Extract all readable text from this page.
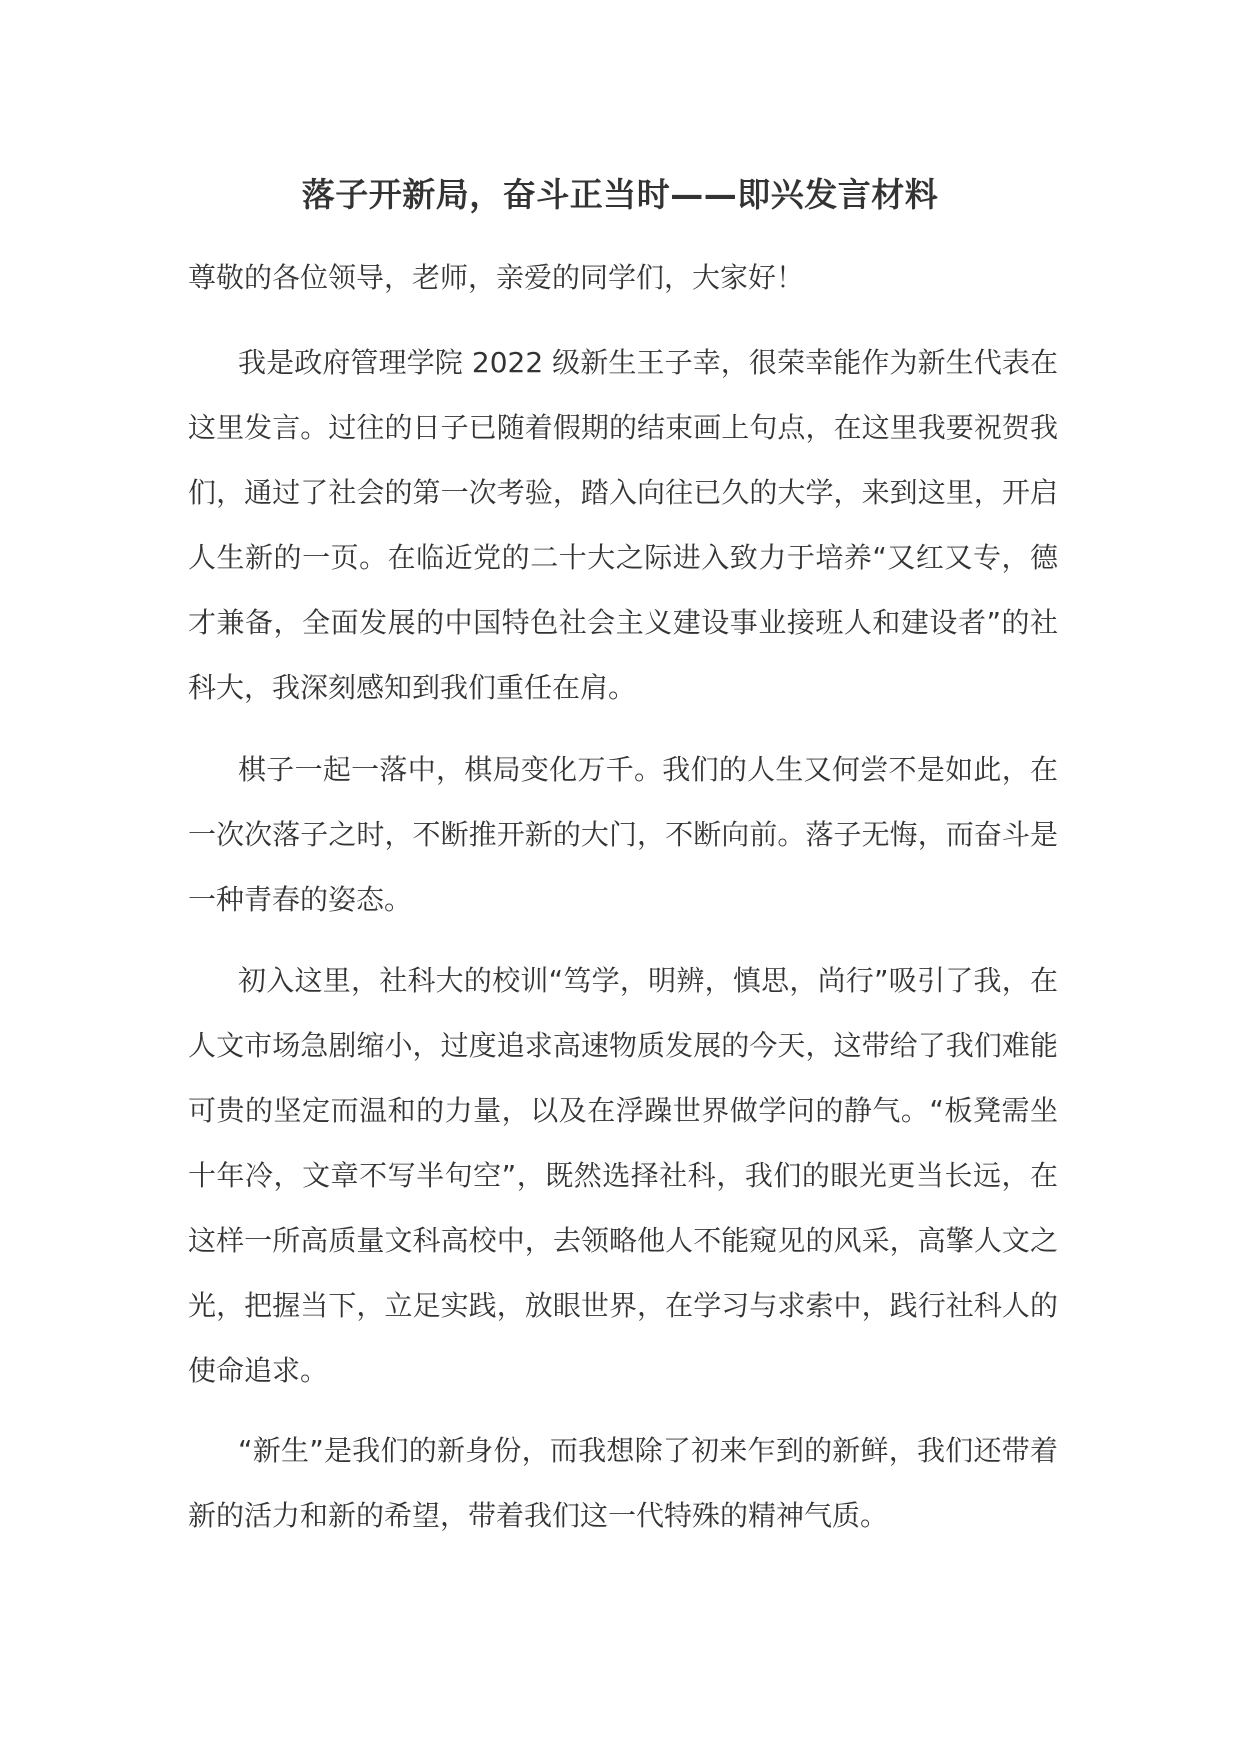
落子开新局，奋斗正当时——即兴发言材料

尊敬的各位领导，老师，亲爱的同学们，大家好！

我是政府管理学院 2022 级新生王子幸，很荣幸能作为新生代表在这里发言。过往的日子已随着假期的结束画上句点，在这里我要祝贺我们，通过了社会的第一次考验，踏入向往已久的大学，来到这里，开启人生新的一页。在临近党的二十大之际进入致力于培养“又红又专，德才兼备，全面发展的中国特色社会主义建设事业接班人和建设者”的社科大，我深刻感知到我们重任在肩。

棋子一起一落中，棋局变化万千。我们的人生又何尝不是如此，在一次次落子之时，不断推开新的大门，不断向前。落子无悔，而奋斗是一种青春的姿态。

初入这里，社科大的校训“笃学，明辨，慎思，尚行”吸引了我，在人文市场急剧缩小，过度追求高速物质发展的今天，这带给了我们难能可贵的坚定而温和的力量，以及在浮躁世界做学问的静气。“板凳需坐十年冷，文章不写半句空”，既然选择社科，我们的眼光更当长远，在这样一所高质量文科高校中，去领略他人不能窥见的风采，高擎人文之光，把握当下，立足实践，放眼世界，在学习与求索中，践行社科人的使命追求。

“新生”是我们的新身份，而我想除了初来乍到的新鲜，我们还带着新的活力和新的希望，带着我们这一代特殊的精神气质。
